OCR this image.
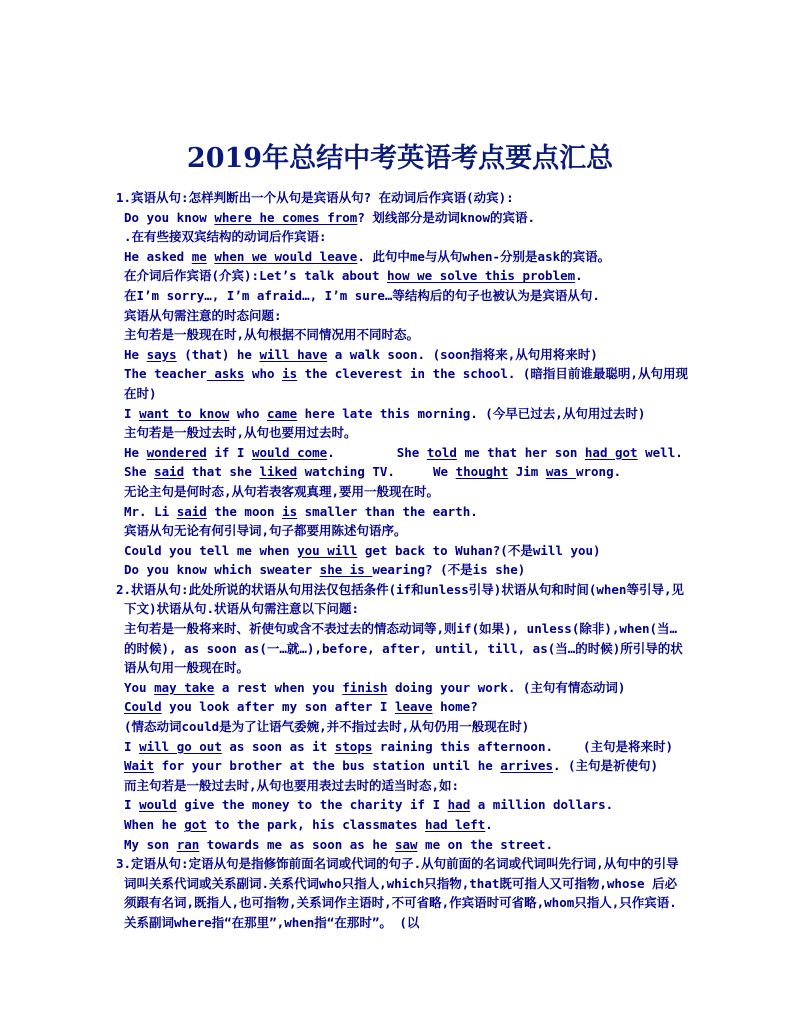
2019年总结中考英语考点要点汇总
1.宾语从句:怎样判断出一个从句是宾语从句? 在动词后作宾语(动宾):
Do you know where he comes from? 划线部分是动词know的宾语.
.在有些接双宾结构的动词后作宾语:
He asked me when we would leave. 此句中me与从句when-分别是ask的宾语。
在介词后作宾语(介宾):Let’s talk about how we solve this problem.
在I’m sorry…, I’m afraid…, I’m sure…等结构后的句子也被认为是宾语从句.
宾语从句需注意的时态问题:
主句若是一般现在时,从句根据不同情况用不同时态。
He says (that) he will have a walk soon. (soon指将来,从句用将来时)
The teacher asks who is the cleverest in the school. (暗指目前谁最聪明,从句用现在时)
I want to know who came here late this morning. (今早已过去,从句用过去时)
主句若是一般过去时,从句也要用过去时。
He wondered if I would come.	She told me that her son had got well.
She said that she liked watching TV.	We thought Jim was wrong.
无论主句是何时态,从句若表客观真理,要用一般现在时。
Mr. Li said the moon is smaller than the earth.
宾语从句无论有何引导词,句子都要用陈述句语序。
Could you tell me when you will get back to Wuhan?(不是will you)
Do you know which sweater she is wearing? (不是is she)
2.状语从句:此处所说的状语从句用法仅包括条件(if和unless引导)状语从句和时间(when等引导,见下文)状语从句.状语从句需注意以下问题:
主句若是一般将来时、祈使句或含不表过去的情态动词等,则if(如果), unless(除非),when(当…的时候), as soon as(一…就…),before, after, until, till, as(当…的时候)所引导的状语从句用一般现在时。
You may take a rest when you finish doing your work. (主句有情态动词)
Could you look after my son after I leave home?
(情态动词could是为了让语气委婉,并不指过去时,从句仍用一般现在时)
I will go out as soon as it stops raining this afternoon. (主句是将来时)
Wait for your brother at the bus station until he arrives. (主句是祈使句)
而主句若是一般过去时,从句也要用表过去时的适当时态,如:
I would give the money to the charity if I had a million dollars.
When he got to the park, his classmates had left.
My son ran towards me as soon as he saw me on the street.
3.定语从句:定语从句是指修饰前面名词或代词的句子.从句前面的名词或代词叫先行词,从句中的引导词叫关系代词或关系副词.关系代词who只指人,which只指物,that既可指人又可指物,whose 后必须跟有名词,既指人,也可指物,关系词作主语时,不可省略,作宾语时可省略,whom只指人,只作宾语.关系副词where指“在那里”,when指“在那时”。 (以
